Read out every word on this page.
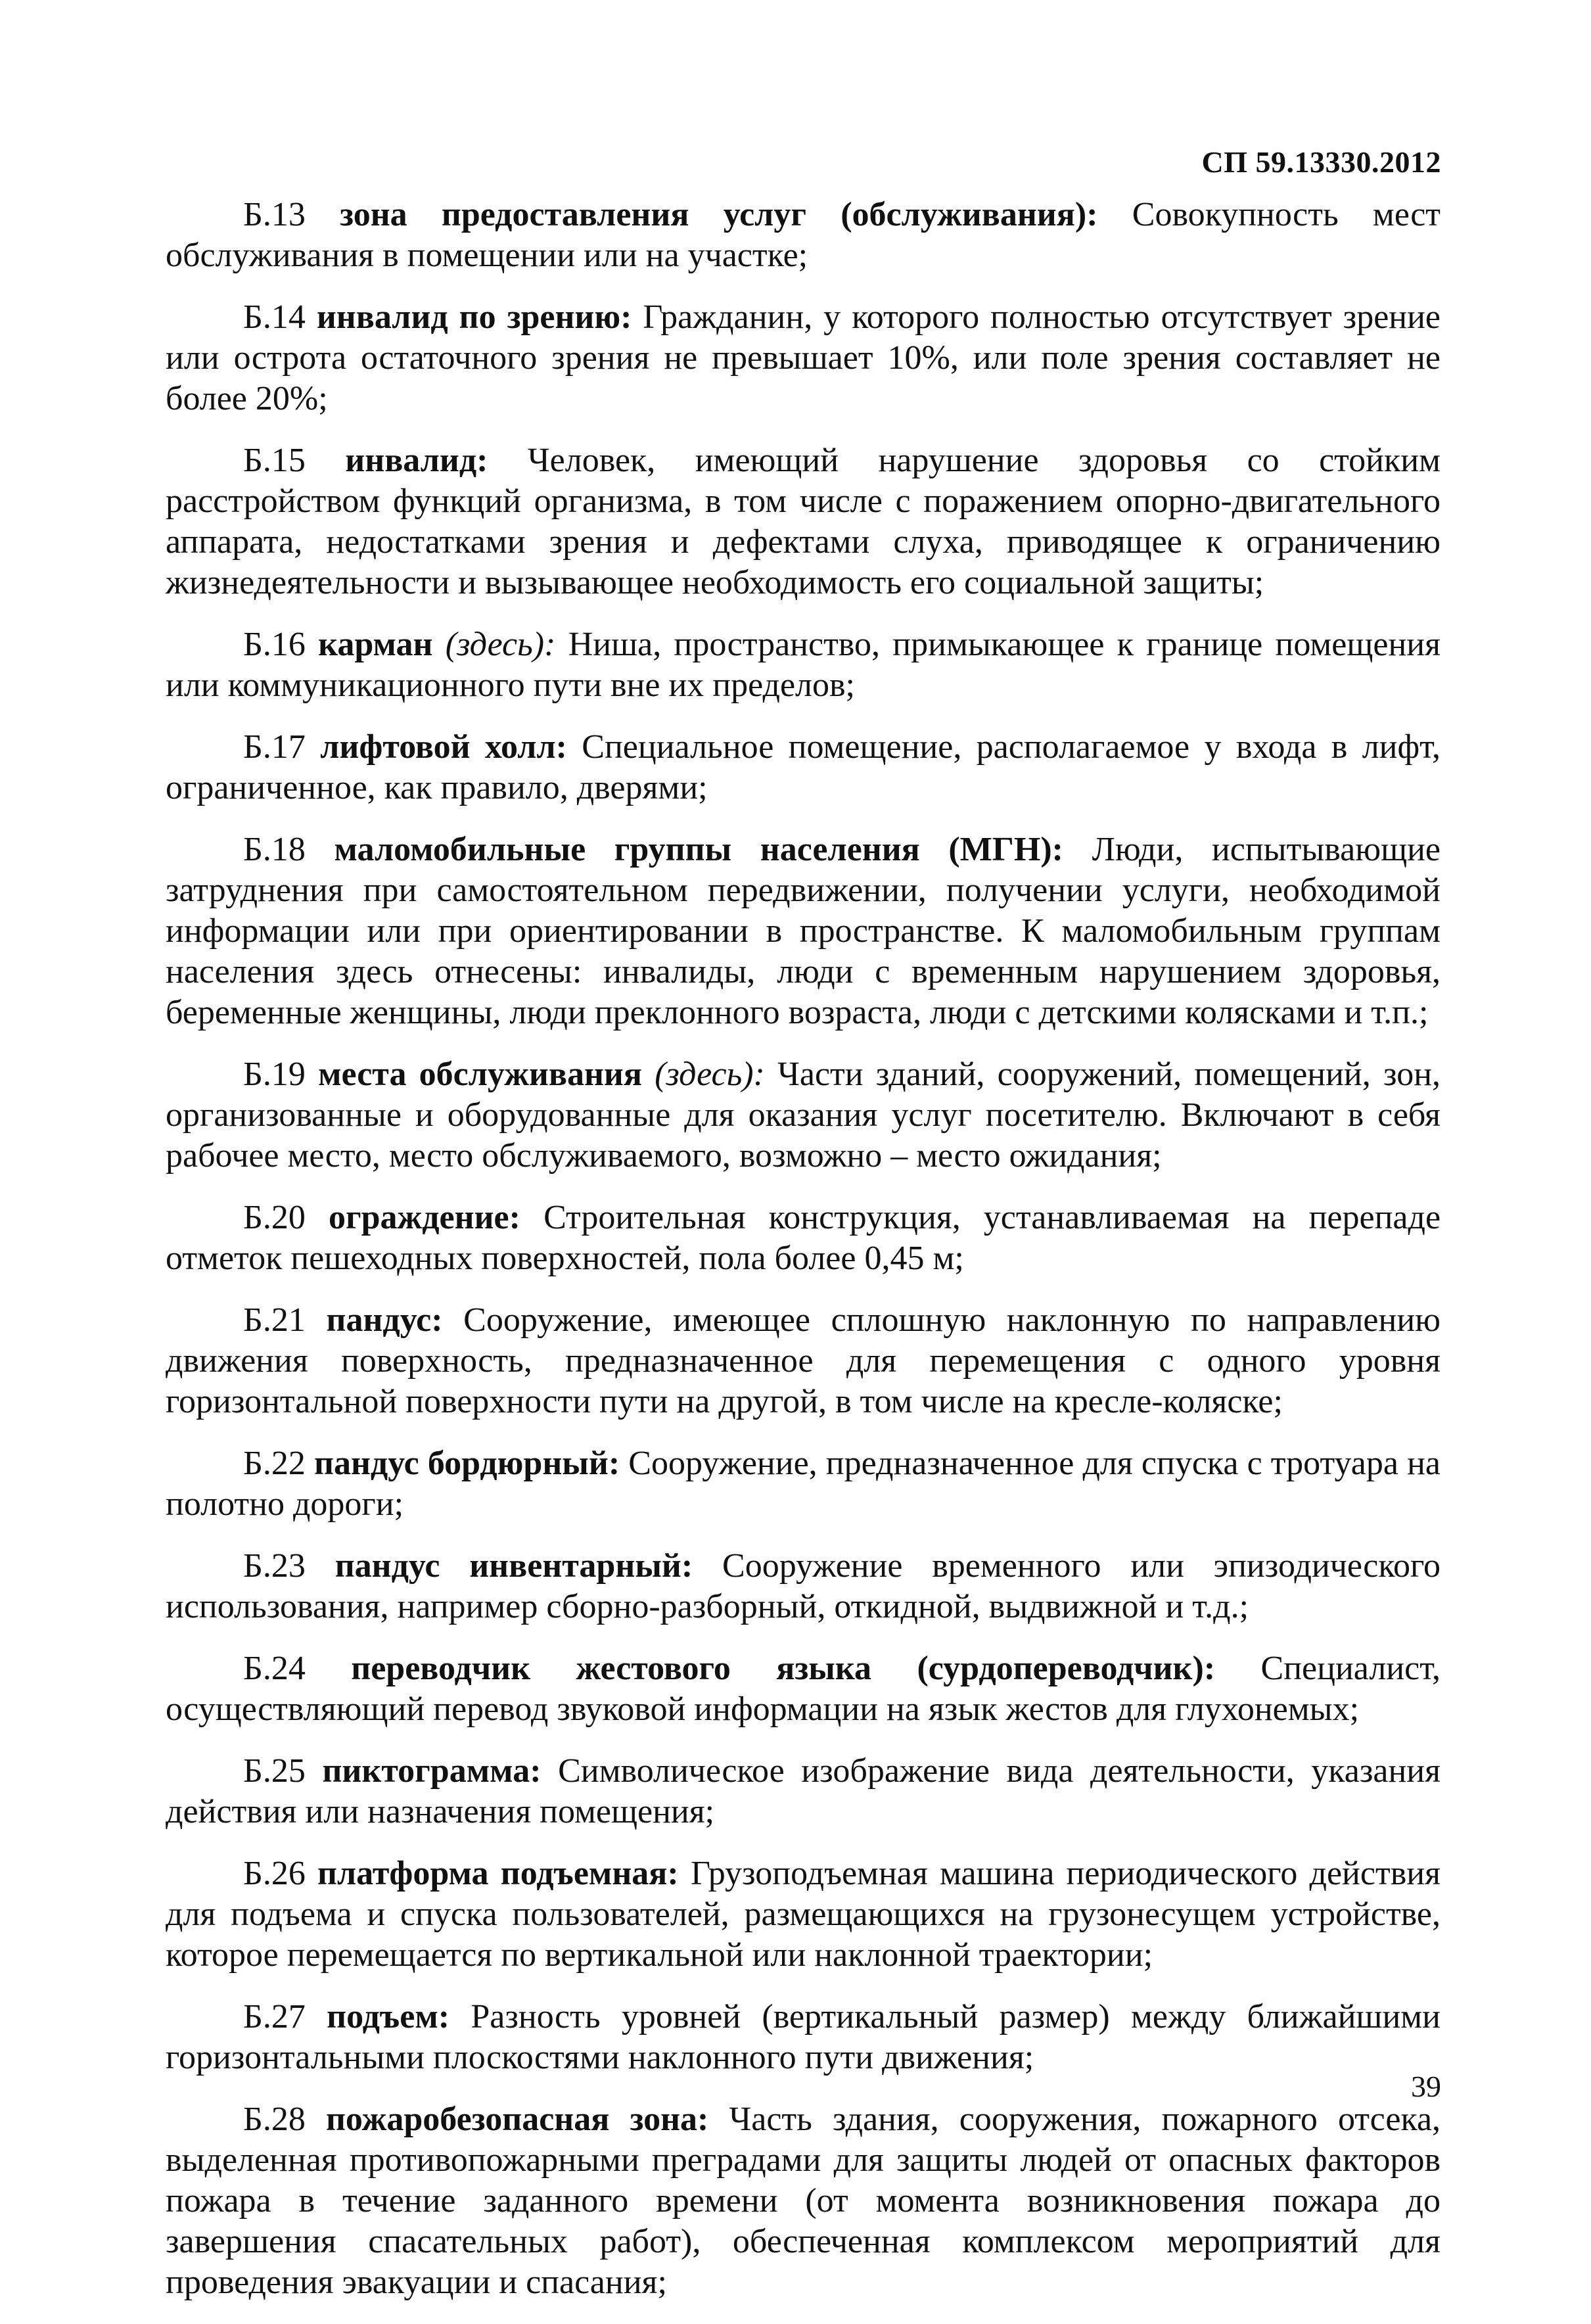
СП 59.13330.2012

Б.13 зона предоставления услуг (обслуживания): Совокупность мест обслуживания в помещении или на участке;

Б.14 инвалид по зрению: Гражданин, у которого полностью отсутствует зрение или острота остаточного зрения не превышает 10%, или поле зрения составляет не более 20%;

Б.15 инвалид: Человек, имеющий нарушение здоровья со стойким расстройством функций организма, в том числе с поражением опорно-двигательного аппарата, недостатками зрения и дефектами слуха, приводящее к ограничению жизнедеятельности и вызывающее необходимость его социальной защиты;

Б.16 карман (здесь): Ниша, пространство, примыкающее к границе помещения или коммуникационного пути вне их пределов;

Б.17 лифтовой холл: Специальное помещение, располагаемое у входа в лифт, ограниченное, как правило, дверями;

Б.18 маломобильные группы населения (МГН): Люди, испытывающие затруднения при самостоятельном передвижении, получении услуги, необходимой информации или при ориентировании в пространстве. К маломобильным группам населения здесь отнесены: инвалиды, люди с временным нарушением здоровья, беременные женщины, люди преклонного возраста, люди с детскими колясками и т.п.;

Б.19 места обслуживания (здесь): Части зданий, сооружений, помещений, зон, организованные и оборудованные для оказания услуг посетителю. Включают в себя рабочее место, место обслуживаемого, возможно – место ожидания;

Б.20 ограждение: Строительная конструкция, устанавливаемая на перепаде отметок пешеходных поверхностей, пола более 0,45 м;

Б.21 пандус: Сооружение, имеющее сплошную наклонную по направлению движения поверхность, предназначенное для перемещения с одного уровня горизонтальной поверхности пути на другой, в том числе на кресле-коляске;

Б.22 пандус бордюрный: Сооружение, предназначенное для спуска с тротуара на полотно дороги;

Б.23 пандус инвентарный: Сооружение временного или эпизодического использования, например сборно-разборный, откидной, выдвижной и т.д.;

Б.24 переводчик жестового языка (сурдопереводчик): Специалист, осуществляющий перевод звуковой информации на язык жестов для глухонемых;

Б.25 пиктограмма: Символическое изображение вида деятельности, указания действия или назначения помещения;

Б.26 платформа подъемная: Грузоподъемная машина периодического действия для подъема и спуска пользователей, размещающихся на грузонесущем устройстве, которое перемещается по вертикальной или наклонной траектории;

Б.27 подъем: Разность уровней (вертикальный размер) между ближайшими горизонтальными плоскостями наклонного пути движения;

Б.28 пожаробезопасная зона: Часть здания, сооружения, пожарного отсека, выделенная противопожарными преградами для защиты людей от опасных факторов пожара в течение заданного времени (от момента возникновения пожара до завершения спасательных работ), обеспеченная комплексом мероприятий для проведения эвакуации и спасания;

39
